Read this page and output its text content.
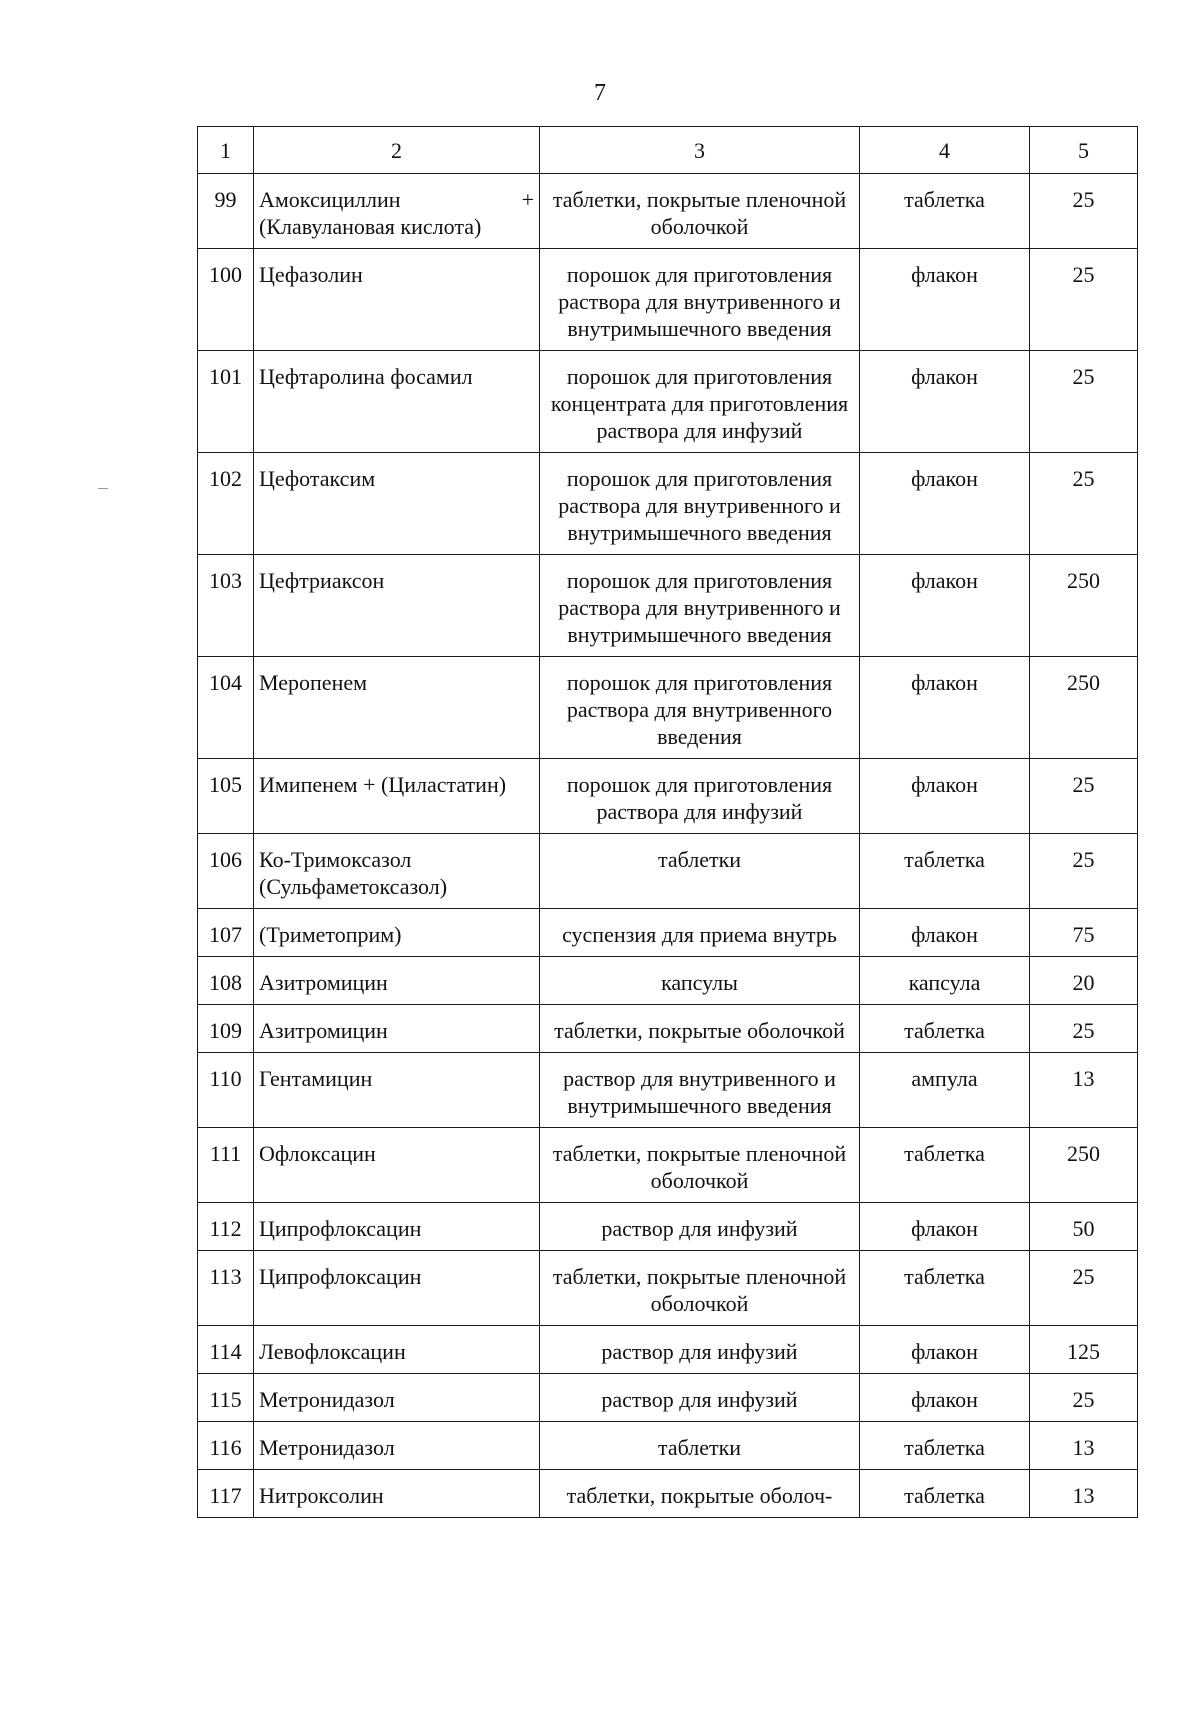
7
1	2	3	4	5
99	Амоксициллин + (Клавулановая кислота)	таблетки, покрытые пленочной оболочкой	таблетка	25
100	Цефазолин	порошок для приготовления раствора для внутривенного и внутримышечного введения	флакон	25
101	Цефтаролина фосамил	порошок для приготовления концентрата для приготовления раствора для инфузий	флакон	25
102	Цефотаксим	порошок для приготовления раствора для внутривенного и внутримышечного введения	флакон	25
103	Цефтриаксон	порошок для приготовления раствора для внутривенного и внутримышечного введения	флакон	250
104	Меропенем	порошок для приготовления раствора для внутривенного введения	флакон	250
105	Имипенем + (Циластатин)	порошок для приготовления раствора для инфузий	флакон	25
106	Ко-Тримоксазол (Сульфаметоксазол)	таблетки	таблетка	25
107	(Триметоприм)	суспензия для приема внутрь	флакон	75
108	Азитромицин	капсулы	капсула	20
109	Азитромицин	таблетки, покрытые оболочкой	таблетка	25
110	Гентамицин	раствор для внутривенного и внутримышечного введения	ампула	13
111	Офлоксацин	таблетки, покрытые пленочной оболочкой	таблетка	250
112	Ципрофлоксацин	раствор для инфузий	флакон	50
113	Ципрофлоксацин	таблетки, покрытые пленочной оболочкой	таблетка	25
114	Левофлоксацин	раствор для инфузий	флакон	125
115	Метронидазол	раствор для инфузий	флакон	25
116	Метронидазол	таблетки	таблетка	13
117	Нитроксолин	таблетки, покрытые оболоч-	таблетка	13
